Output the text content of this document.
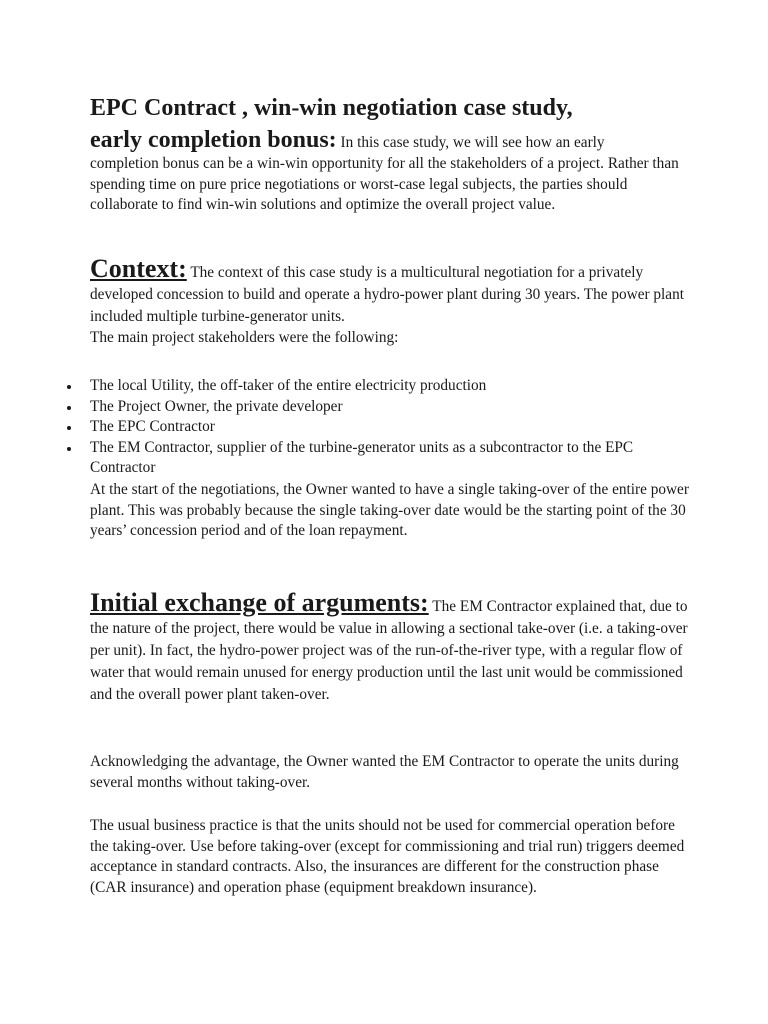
EPC Contract , win-win negotiation case study,
early completion bonus: In this case study, we will see how an early
completion bonus can be a win-win opportunity for all the stakeholders of a project. Rather than spending time on pure price negotiations or worst-case legal subjects, the parties should collaborate to find win-win solutions and optimize the overall project value.
Context: The context of this case study is a multicultural negotiation for a privately developed concession to build and operate a hydro-power plant during 30 years. The power plant included multiple turbine-generator units.
The main project stakeholders were the following:
The local Utility, the off-taker of the entire electricity production
The Project Owner, the private developer
The EPC Contractor
The EM Contractor, supplier of the turbine-generator units as a subcontractor to the EPC Contractor
At the start of the negotiations, the Owner wanted to have a single taking-over of the entire power plant. This was probably because the single taking-over date would be the starting point of the 30 years’ concession period and of the loan repayment.
Initial exchange of arguments: The EM Contractor explained that, due to the nature of the project, there would be value in allowing a sectional take-over (i.e. a taking-over per unit). In fact, the hydro-power project was of the run-of-the-river type, with a regular flow of water that would remain unused for energy production until the last unit would be commissioned and the overall power plant taken-over.
Acknowledging the advantage, the Owner wanted the EM Contractor to operate the units during several months without taking-over.
The usual business practice is that the units should not be used for commercial operation before the taking-over. Use before taking-over (except for commissioning and trial run) triggers deemed acceptance in standard contracts. Also, the insurances are different for the construction phase (CAR insurance) and operation phase (equipment breakdown insurance).
